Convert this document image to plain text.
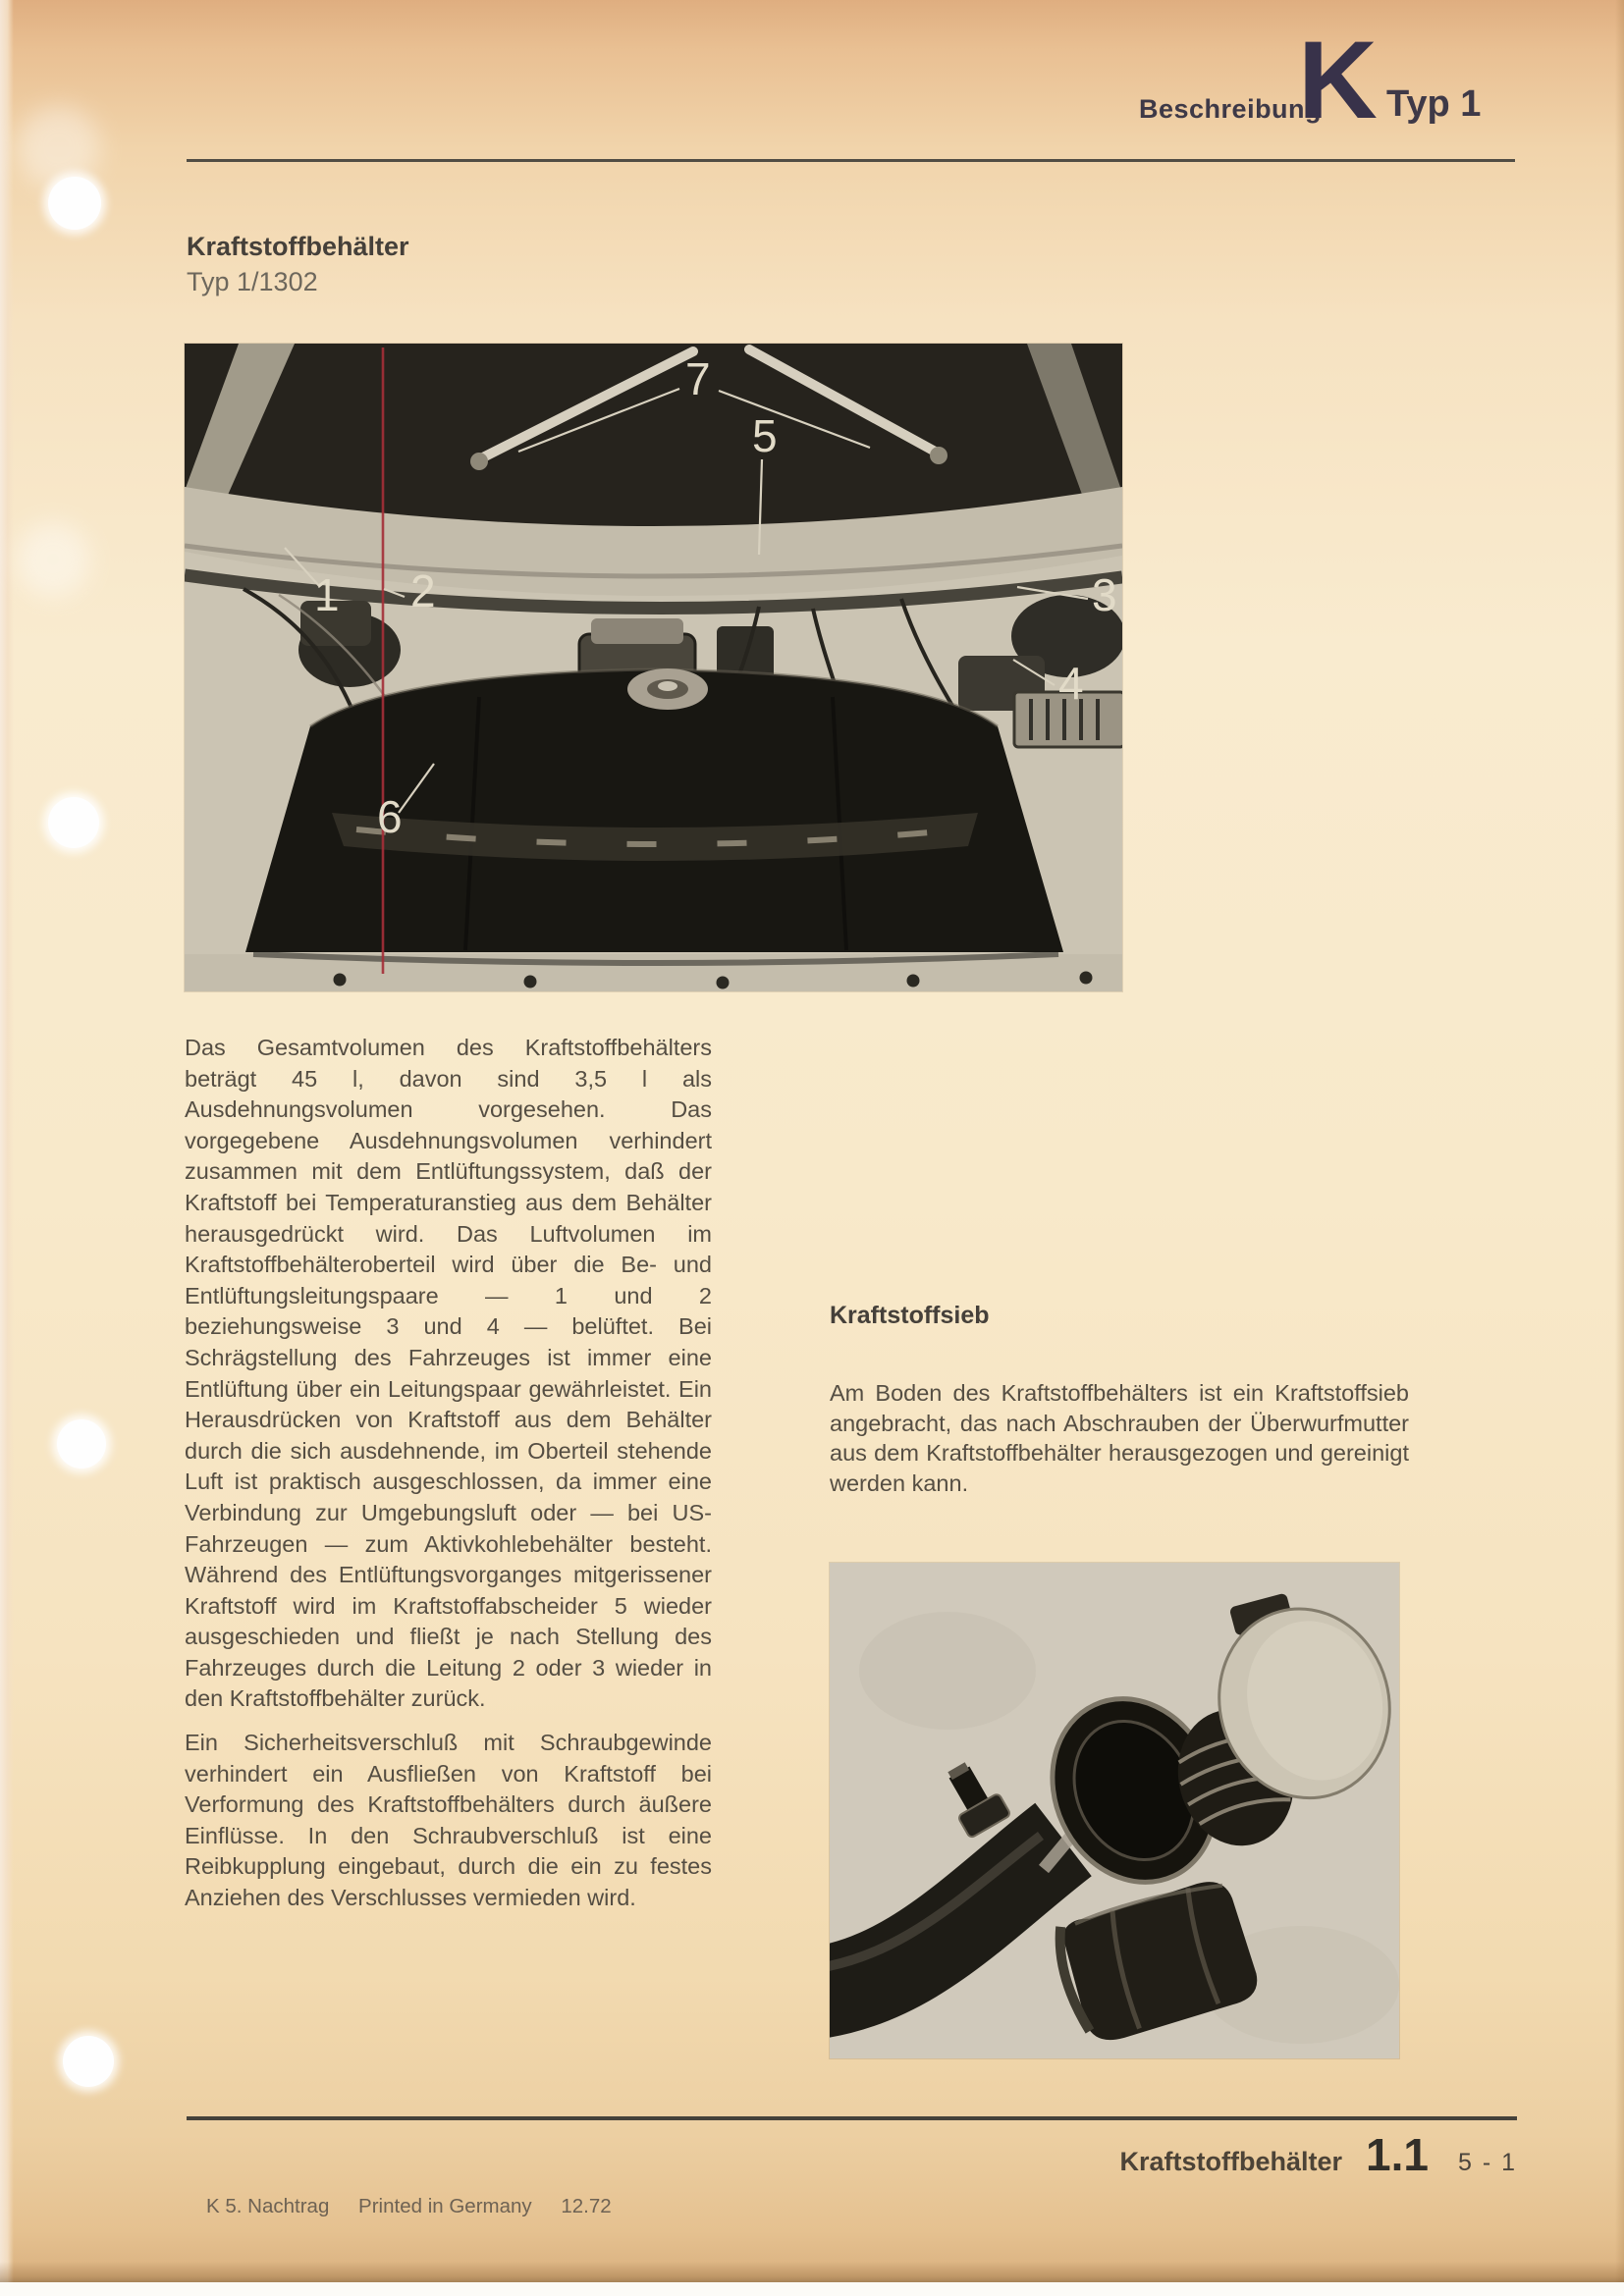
Beschreibung
K Typ 1
Kraftstoffbehälter
Typ 1/1302
1 2	3
4
5
6
7
Das Gesamtvolumen des Kraftstoffbehälters beträgt 45 l, davon sind 3,5 l als Ausdehnungsvolumen vorgesehen. Das vorgegebene Ausdehnungsvolumen verhindert zusammen mit dem Entlüftungssystem, daß der Kraftstoff bei Temperaturanstieg aus dem Behälter herausgedrückt wird. Das Luftvolumen im Kraftstoffbehälteroberteil wird über die Be- und Entlüftungsleitungspaare — 1 und 2 beziehungsweise 3 und 4 — belüftet. Bei Schrägstellung des Fahrzeuges ist immer eine Entlüftung über ein Leitungspaar gewährleistet. Ein Herausdrücken von Kraftstoff aus dem Behälter durch die sich ausdehnende, im Oberteil stehende Luft ist praktisch ausgeschlossen, da immer eine Verbindung zur Umgebungsluft oder — bei US-Fahrzeugen — zum Aktivkohlebehälter besteht. Während des Entlüftungsvorganges mitgerissener Kraftstoff wird im Kraftstoffabscheider 5 wieder ausgeschieden und fließt je nach Stellung des Fahrzeuges durch die Leitung 2 oder 3 wieder in den Kraftstoffbehälter zurück.
Ein Sicherheitsverschluß mit Schraubgewinde verhindert ein Ausfließen von Kraftstoff bei Verformung des Kraftstoffbehälters durch äußere Einflüsse. In den Schraubverschluß ist eine Reibkupplung eingebaut, durch die ein zu festes Anziehen des Verschlusses vermieden wird.
Kraftstoffsieb
Am Boden des Kraftstoffbehälters ist ein Kraftstoffsieb angebracht, das nach Abschrauben der Überwurfmutter aus dem Kraftstoffbehälter herausgezogen und gereinigt werden kann.
Kraftstoffbehälter 1.1 5 - 1
K 5. Nachtrag Printed in Germany 12.72
